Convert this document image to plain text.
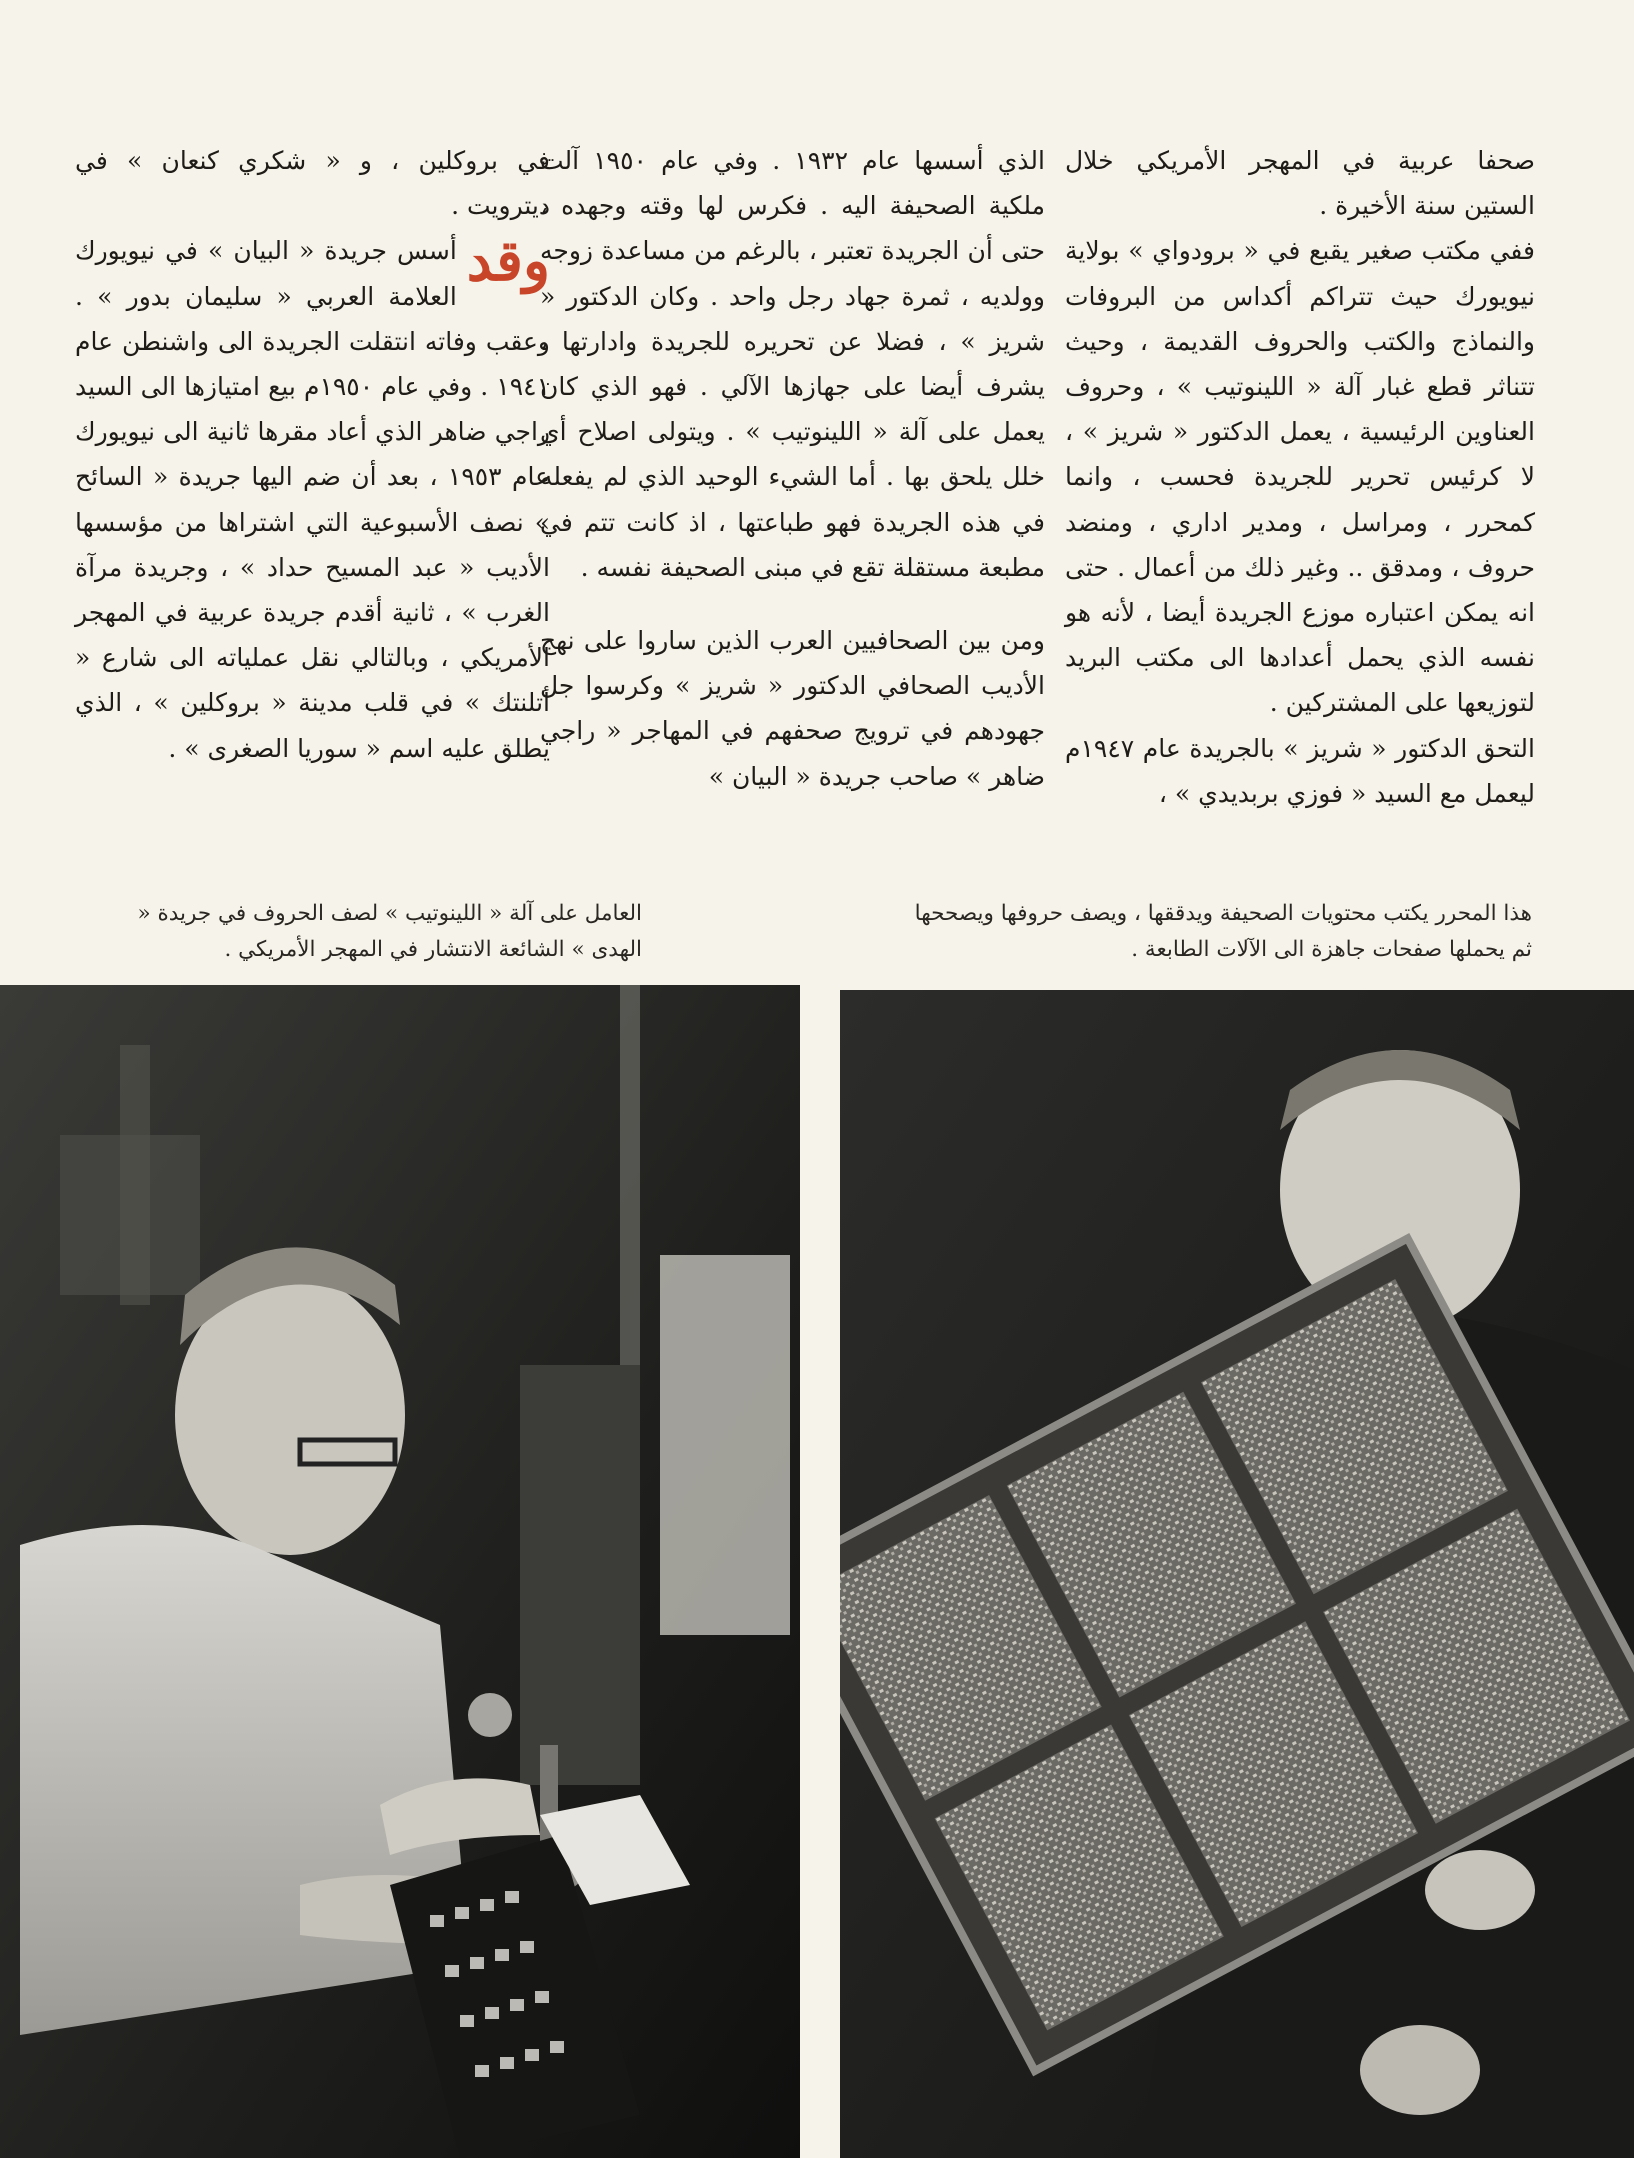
صحفا عربية في المهجر الأمريكي خلال الستين سنة الأخيرة .

ففي مكتب صغير يقبع في « برودواي » بولاية نيويورك حيث تتراكم أكداس من البروفات والنماذج والكتب والحروف القديمة ، وحيث تتناثر قطع غبار آلة « اللينوتيب » ، وحروف العناوين الرئيسية ، يعمل الدكتور « شريز » ، لا كرئيس تحرير للجريدة فحسب ، وانما كمحرر ، ومراسل ، ومدير اداري ، ومنضد حروف ، ومدقق .. وغير ذلك من أعمال . حتى انه يمكن اعتباره موزع الجريدة أيضا ، لأنه هو نفسه الذي يحمل أعدادها الى مكتب البريد لتوزيعها على المشتركين .

التحق الدكتور « شريز » بالجريدة عام ١٩٤٧م ليعمل مع السيد « فوزي بربديدي » ،

الذي أسسها عام ١٩٣٢ . وفي عام ١٩٥٠ آلت ملكية الصحيفة اليه . فكرس لها وقته وجهده ، حتى أن الجريدة تعتبر ، بالرغم من مساعدة زوجه وولديه ، ثمرة جهاد رجل واحد . وكان الدكتور « شريز » ، فضلا عن تحريره للجريدة وادارتها ، يشرف أيضا على جهازها الآلي . فهو الذي كان يعمل على آلة « اللينوتيب » . ويتولى اصلاح أي خلل يلحق بها . أما الشيء الوحيد الذي لم يفعله في هذه الجريدة فهو طباعتها ، اذ كانت تتم في مطبعة مستقلة تقع في مبنى الصحيفة نفسه .

ومن بين الصحافيين العرب الذين ساروا على نهج الأديب الصحافي الدكتور « شريز » وكرسوا جل جهودهم في ترويج صحفهم في المهاجر « راجي ضاهر » صاحب جريدة « البيان »

في بروكلين ، و « شكري كنعان » في ديترويت .

وقد

أسس جريدة « البيان » في نيويورك العلامة العربي « سليمان بدور » . وعقب وفاته انتقلت الجريدة الى واشنطن عام ١٩٤١ . وفي عام ١٩٥٠م بيع امتيازها الى السيد راجي ضاهر الذي أعاد مقرها ثانية الى نيويورك عام ١٩٥٣ ، بعد أن ضم اليها جريدة « السائح » نصف الأسبوعية التي اشتراها من مؤسسها الأديب « عبد المسيح حداد » ، وجريدة مرآة الغرب » ، ثانية أقدم جريدة عربية في المهجر الأمريكي ، وبالتالي نقل عملياته الى شارع « أتلنتك » في قلب مدينة « بروكلين » ، الذي يطلق عليه اسم « سوريا الصغرى » .

هذا المحرر يكتب محتويات الصحيفة ويدققها ، ويصف حروفها ويصححها ثم يحملها صفحات جاهزة الى الآلات الطابعة .
العامل على آلة « اللينوتيب » لصف الحروف في جريدة « الهدى » الشائعة الانتشار في المهجر الأمريكي .
